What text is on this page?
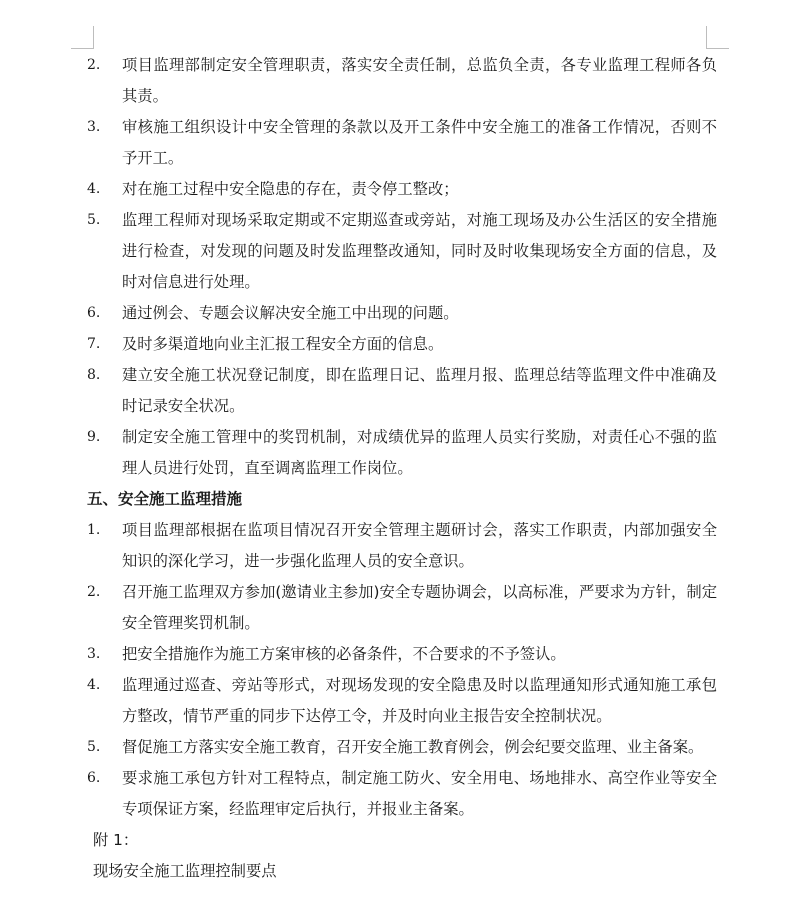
2.	项目监理部制定安全管理职责，落实安全责任制，总监负全责，各专业监理工程师各负其责。
3.	审核施工组织设计中安全管理的条款以及开工条件中安全施工的准备工作情况，否则不予开工。
4.	对在施工过程中安全隐患的存在，责令停工整改；
5.	监理工程师对现场采取定期或不定期巡查或旁站，对施工现场及办公生活区的安全措施进行检查，对发现的问题及时发监理整改通知，同时及时收集现场安全方面的信息，及时对信息进行处理。
6.	通过例会、专题会议解决安全施工中出现的问题。
7.	及时多渠道地向业主汇报工程安全方面的信息。
8.	建立安全施工状况登记制度，即在监理日记、监理月报、监理总结等监理文件中准确及时记录安全状况。
9.	制定安全施工管理中的奖罚机制，对成绩优异的监理人员实行奖励，对责任心不强的监理人员进行处罚，直至调离监理工作岗位。
五、安全施工监理措施
1.	项目监理部根据在监项目情况召开安全管理主题研讨会，落实工作职责，内部加强安全知识的深化学习，进一步强化监理人员的安全意识。
2.	召开施工监理双方参加(邀请业主参加)安全专题协调会，以高标准，严要求为方针，制定安全管理奖罚机制。
3.	把安全措施作为施工方案审核的必备条件，不合要求的不予签认。
4.	监理通过巡查、旁站等形式，对现场发现的安全隐患及时以监理通知形式通知施工承包方整改，情节严重的同步下达停工令，并及时向业主报告安全控制状况。
5.	督促施工方落实安全施工教育，召开安全施工教育例会，例会纪要交监理、业主备案。
6.	要求施工承包方针对工程特点，制定施工防火、安全用电、场地排水、高空作业等安全专项保证方案，经监理审定后执行，并报业主备案。
附 1：
现场安全施工监理控制要点
